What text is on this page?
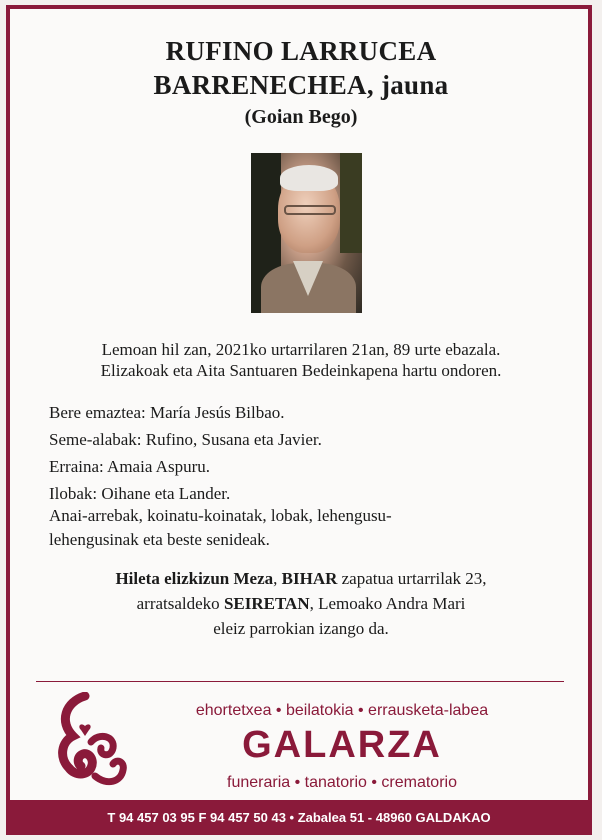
RUFINO LARRUCEA
BARRENECHEA, jauna
(Goian Bego)
Lemoan hil zan, 2021ko urtarrilaren 21an, 89 urte ebazala.
Elizakoak eta Aita Santuaren Bedeinkapena hartu ondoren.
Bere emaztea: María Jesús Bilbao.
Seme-alabak: Rufino, Susana eta Javier.
Erraina: Amaia Aspuru.
Ilobak: Oihane eta Lander.
Anai-arrebak, koinatu-koinatak, lobak, lehengusu-
lehengusinak eta beste senideak.
Hileta elizkizun Meza, BIHAR zapatua urtarrilak 23,
arratsaldeko SEIRETAN, Lemoako Andra Mari
eleiz parrokian izango da.
ehortetxea • beilatokia • errausketa-labea
GALARZA
funeraria • tanatorio • crematorio
T 94 457 03 95 F 94 457 50 43 • Zabalea 51 - 48960 GALDAKAO
